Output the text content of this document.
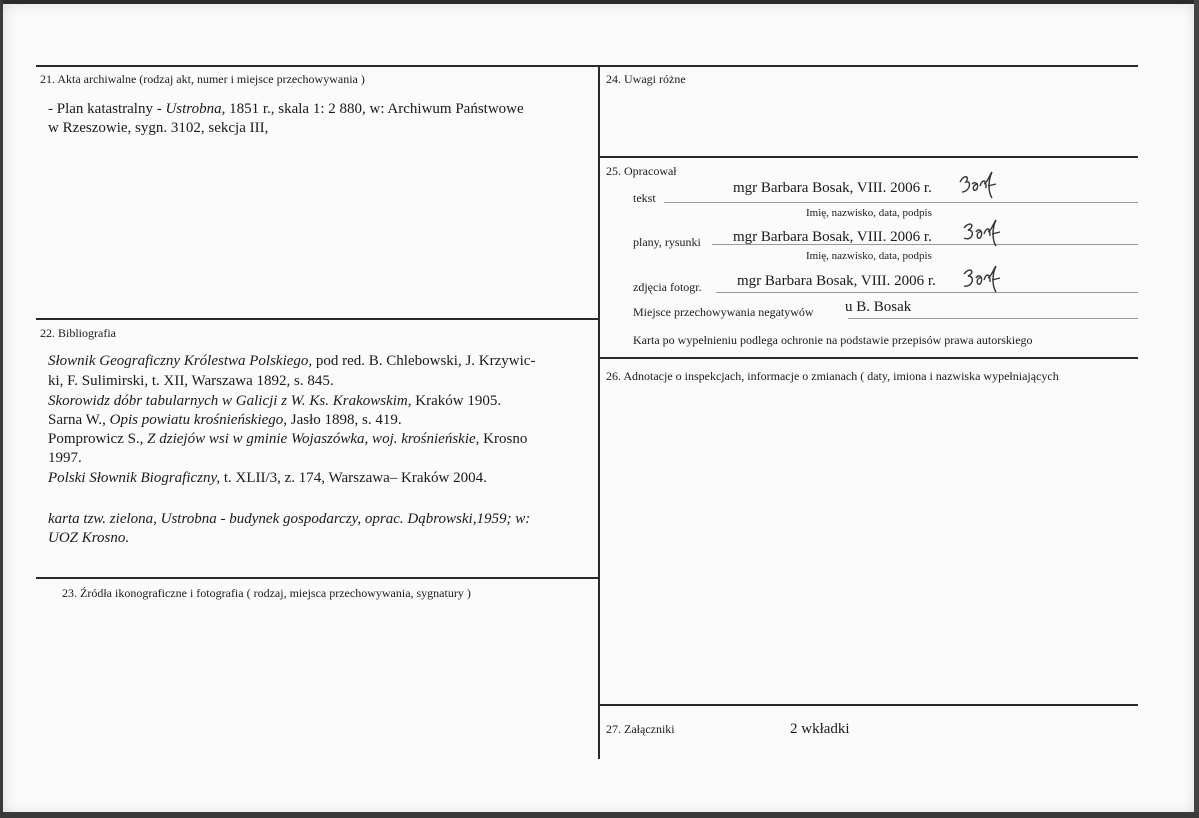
21. Akta archiwalne (rodzaj akt, numer i miejsce przechowywania )
- Plan katastralny - Ustrobna, 1851 r., skala 1: 2 880, w: Archiwum Państwowe
w Rzeszowie, sygn. 3102, sekcja III,
22. Bibliografia
Słownik Geograficzny Królestwa Polskiego, pod red. B. Chlebowski, J. Krzywic-
ki, F. Sulimirski, t. XII, Warszawa 1892, s. 845.
Skorowidz dóbr tabularnych w Galicji z W. Ks. Krakowskim, Kraków 1905.
Sarna W., Opis powiatu krośnieńskiego, Jasło 1898, s. 419.
Pomprowicz S., Z dziejów wsi w gminie Wojaszówka, woj. krośnieńskie, Krosno
1997.
Polski Słownik Biograficzny, t. XLII/3, z. 174, Warszawa– Kraków 2004.
karta tzw. zielona, Ustrobna - budynek gospodarczy, oprac. Dąbrowski,1959; w:
UOZ Krosno.
23. Źródła ikonograficzne i fotografia ( rodzaj, miejsca przechowywania, sygnatury )
24. Uwagi różne
25. Opracował
tekst
mgr Barbara Bosak, VIII. 2006 r.
Imię, nazwisko, data, podpis
plany, rysunki mgr Barbara Bosak, VIII. 2006 r.
Imię, nazwisko, data, podpis
zdjęcia fotogr. mgr Barbara Bosak, VIII. 2006 r.
Miejsce przechowywania negatywów u B. Bosak
Karta po wypełnieniu podlega ochronie na podstawie przepisów prawa autorskiego
26. Adnotacje o inspekcjach, informacje o zmianach ( daty, imiona i nazwiska wypełniających
27. Załączniki	2 wkładki
